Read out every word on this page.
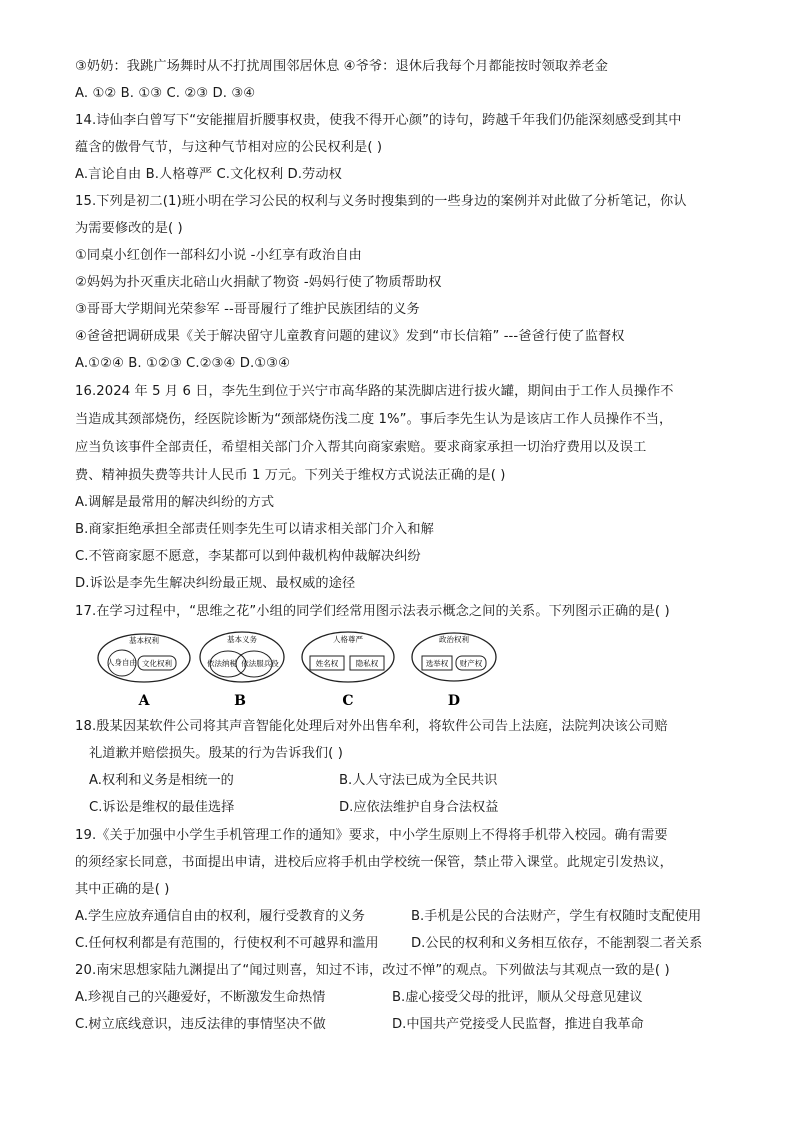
③奶奶：我跳广场舞时从不打扰周围邻居休息 ④爷爷：退休后我每个月都能按时领取养老金
A. ①② B. ①③ C. ②③ D. ③④
14.诗仙李白曾写下“安能摧眉折腰事权贵，使我不得开心颜”的诗句，跨越千年我们仍能深刻感受到其中
蕴含的傲骨气节，与这种气节相对应的公民权利是( )
A.言论自由 B.人格尊严 C.文化权利 D.劳动权
15.下列是初二(1)班小明在学习公民的权利与义务时搜集到的一些身边的案例并对此做了分析笔记，你认
为需要修改的是( )
①同桌小红创作一部科幻小说 -小红享有政治自由
②妈妈为扑灭重庆北碚山火捐献了物资 -妈妈行使了物质帮助权
③哥哥大学期间光荣参军 --哥哥履行了维护民族团结的义务
④爸爸把调研成果《关于解决留守儿童教育问题的建议》发到“市长信箱” ---爸爸行使了监督权
A.①②④ B. ①②③ C.②③④ D.①③④
16.2024 年 5 月 6 日，李先生到位于兴宁市高华路的某洗脚店进行拔火罐，期间由于工作人员操作不
当造成其颈部烧伤，经医院诊断为“颈部烧伤浅二度 1%”。事后李先生认为是该店工作人员操作不当，
应当负该事件全部责任，希望相关部门介入帮其向商家索赔。要求商家承担一切治疗费用以及误工
费、精神损失费等共计人民币 1 万元。下列关于维权方式说法正确的是( )
A.调解是最常用的解决纠纷的方式
B.商家拒绝承担全部责任则李先生可以请求相关部门介入和解
C.不管商家愿不愿意，李某都可以到仲裁机构仲裁解决纠纷
D.诉讼是李先生解决纠纷最正规、最权威的途径
17.在学习过程中，“思维之花”小组的同学们经常用图示法表示概念之间的关系。下列图示正确的是( )
基本权利
人身自由 文化权利
A
基本义务
依法纳税 依法服兵役
B
人格尊严
姓名权 隐私权
C
政治权利
选举权 财产权
D
18.殷某因某软件公司将其声音智能化处理后对外出售牟利，将软件公司告上法庭，法院判决该公司赔
礼道歉并赔偿损失。殷某的行为告诉我们( )
A.权利和义务是相统一的	B.人人守法已成为全民共识
C.诉讼是维权的最佳选择	D.应依法维护自身合法权益
19.《关于加强中小学生手机管理工作的通知》要求，中小学生原则上不得将手机带入校园。确有需要
的须经家长同意，书面提出申请，进校后应将手机由学校统一保管，禁止带入课堂。此规定引发热议，
其中正确的是( )
A.学生应放弃通信自由的权利，履行受教育的义务	B.手机是公民的合法财产，学生有权随时支配使用
C.任何权利都是有范围的，行使权利不可越界和滥用 D.公民的权利和义务相互依存，不能割裂二者关系
20.南宋思想家陆九渊提出了“闻过则喜，知过不讳，改过不惮”的观点。下列做法与其观点一致的是( )
A.珍视自己的兴趣爱好，不断激发生命热情	B.虚心接受父母的批评，顺从父母意见建议
C.树立底线意识，违反法律的事情坚决不做	D.中国共产党接受人民监督，推进自我革命
